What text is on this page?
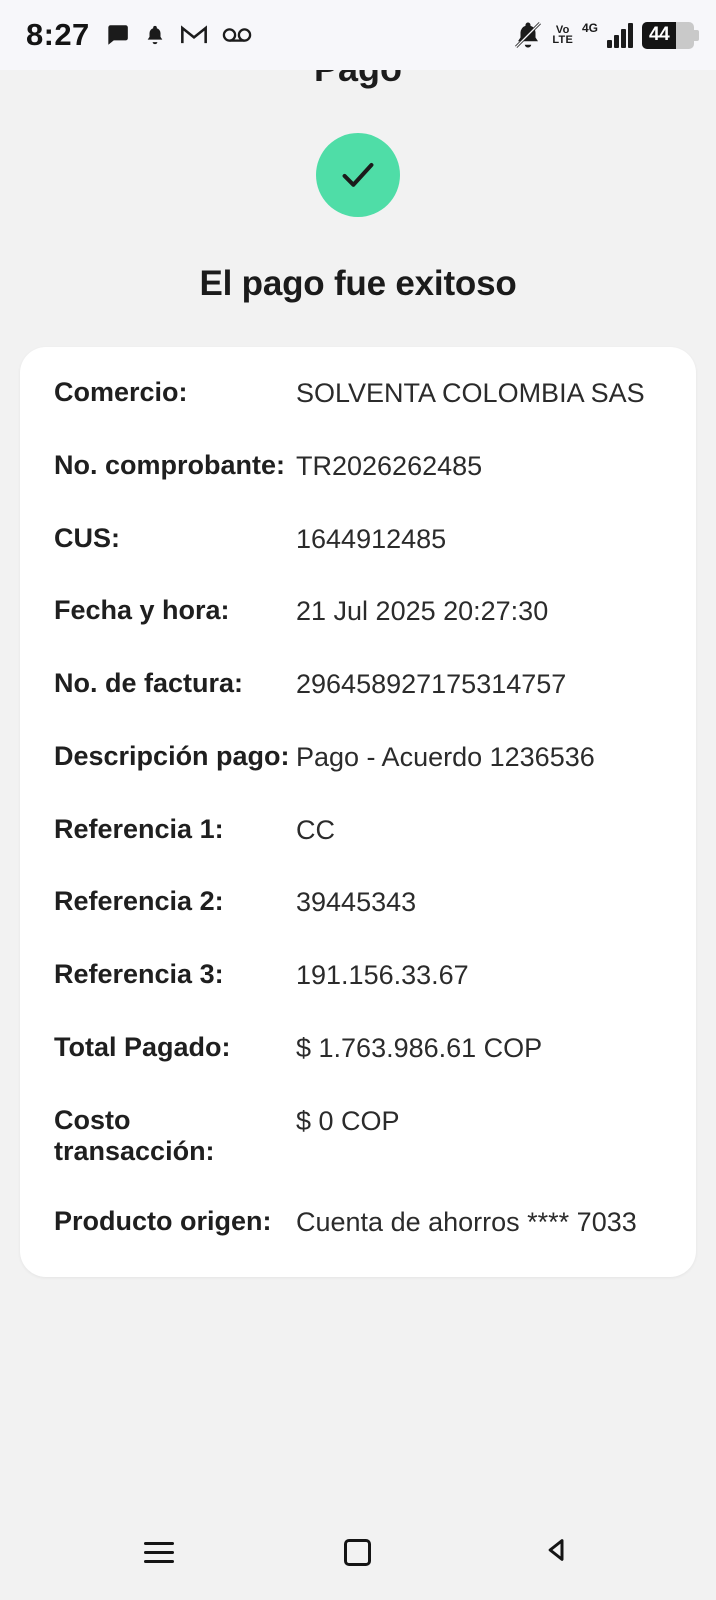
8:27	Vo
LTE
4G	44
El pago fue exitoso
Comercio:	SOLVENTA COLOMBIA SAS
No. comprobante: TR2026262485
CUS:	1644912485
Fecha y hora:	21 Jul 2025 20:27:30
No. de factura:	296458927175314757
Descripción pago: Pago - Acuerdo 1236536
Referencia 1:	CC
Referencia 2:	39445343
Referencia 3:	191.156.33.67
Total Pagado:	$ 1.763.986.61 COP
Costo transacción:
$ 0 COP
Producto origen: Cuenta de ahorros **** 7033
